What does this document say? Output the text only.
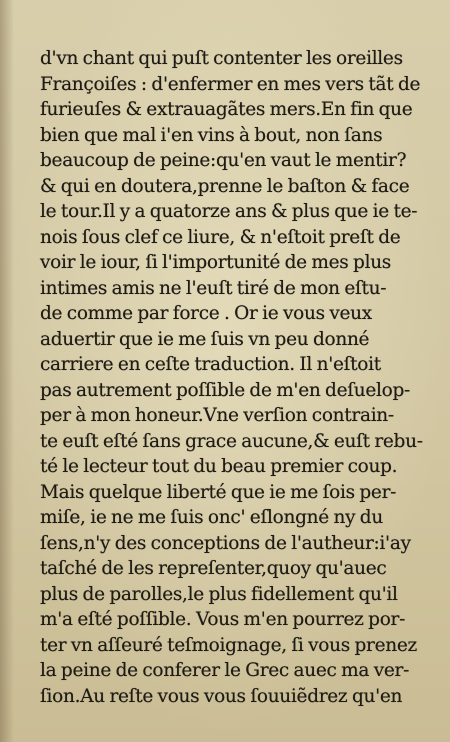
d'vn chant qui puſt contenter les oreilles
Françoiſes : d'enfermer en mes vers tãt de
furieuſes & extrauagãtes mers.En fin que
bien que mal i'en vins à bout, non ſans
beaucoup de peine:qu'en vaut le mentir?
& qui en doutera,prenne le baſton & face
le tour.Il y a quatorze ans & plus que ie te-
nois ſous clef ce liure, & n'eſtoit preſt de
voir le iour, ſi l'importunité de mes plus
intimes amis ne l'euſt tiré de mon eſtu-
de comme par force . Or ie vous veux
aduertir que ie me ſuis vn peu donné
carriere en ceſte traduction. Il n'eſtoit
pas autrement poſſible de m'en deſuelop-
per à mon honeur.Vne verſion contrain-
te euſt eſté ſans grace aucune,& euſt rebu-
té le lecteur tout du beau premier coup.
Mais quelque liberté que ie me ſois per-
miſe, ie ne me ſuis onc' eſlongné ny du
ſens,n'y des conceptions de l'autheur:i'ay
taſché de les repreſenter,quoy qu'auec
plus de parolles,le plus fidellement qu'il
m'a eſté poſſible. Vous m'en pourrez por-
ter vn aſſeuré teſmoignage, ſi vous prenez
la peine de conferer le Grec auec ma ver-
ſion.Au reſte vous vous ſouuiẽdrez qu'en
